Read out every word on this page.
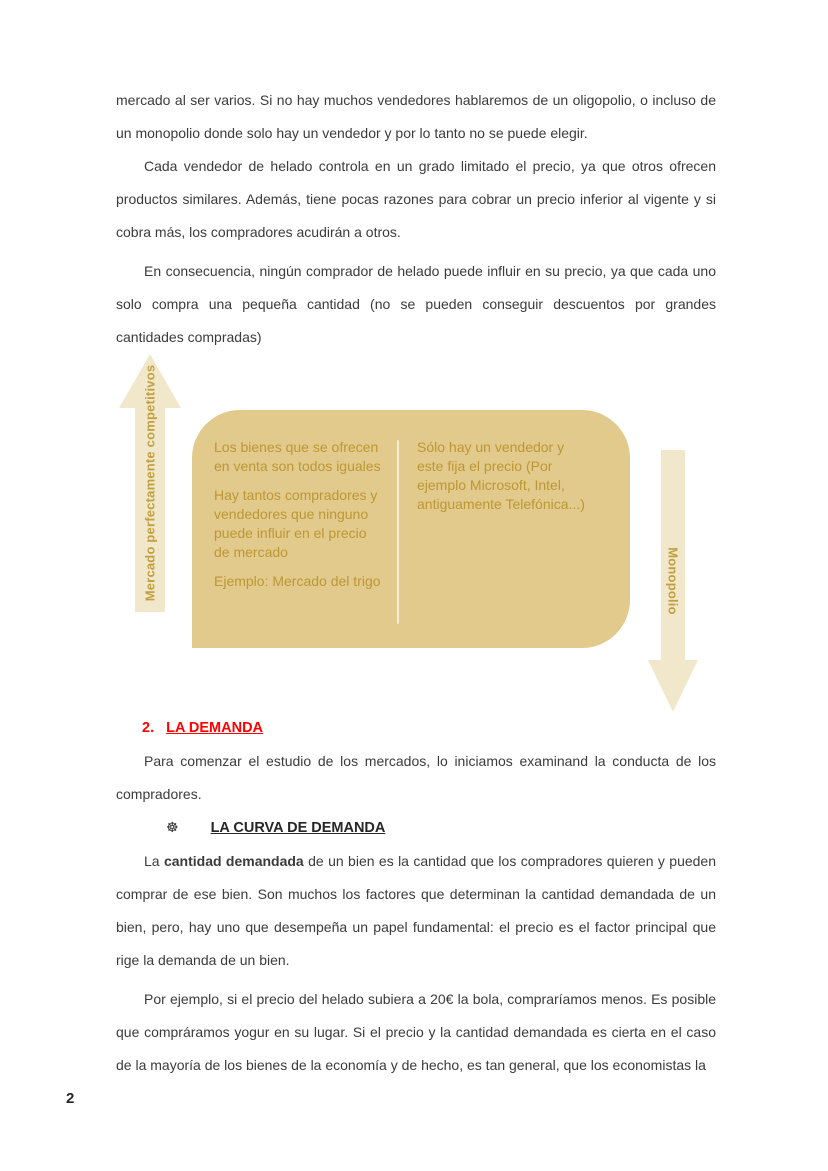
mercado al ser varios. Si no hay muchos vendedores hablaremos de un oligopolio, o incluso de un monopolio donde solo hay un vendedor y por lo tanto no se puede elegir.

Cada vendedor de helado controla en un grado limitado el precio, ya que otros ofrecen productos similares. Además, tiene pocas razones para cobrar un precio inferior al vigente y si cobra más, los compradores acudirán a otros.

En consecuencia, ningún comprador de helado puede influir en su precio, ya que cada uno solo compra una pequeña cantidad (no se pueden conseguir descuentos por grandes cantidades compradas)

Mercado perfectamente competitivos	Los bienes que se ofrecen en venta son todos iguales

Hay tantos compradores y vendedores que ninguno puede influir en el precio de mercado

Ejemplo: Mercado del trigo

Sólo hay un vendedor y este fija el precio (Por ejemplo Microsoft, Intel, antiguamente Telefónica...)

Monopolio

2. LA DEMANDA

Para comenzar el estudio de los mercados, lo iniciamos examinand la conducta de los compradores.

☸ LA CURVA DE DEMANDA

La cantidad demandada de un bien es la cantidad que los compradores quieren y pueden comprar de ese bien. Son muchos los factores que determinan la cantidad demandada de un bien, pero, hay uno que desempeña un papel fundamental: el precio es el factor principal que rige la demanda de un bien.

Por ejemplo, si el precio del helado subiera a 20€ la bola, compraríamos menos. Es posible que compráramos yogur en su lugar. Si el precio y la cantidad demandada es cierta en el caso de la mayoría de los bienes de la economía y de hecho, es tan general, que los economistas la

2
